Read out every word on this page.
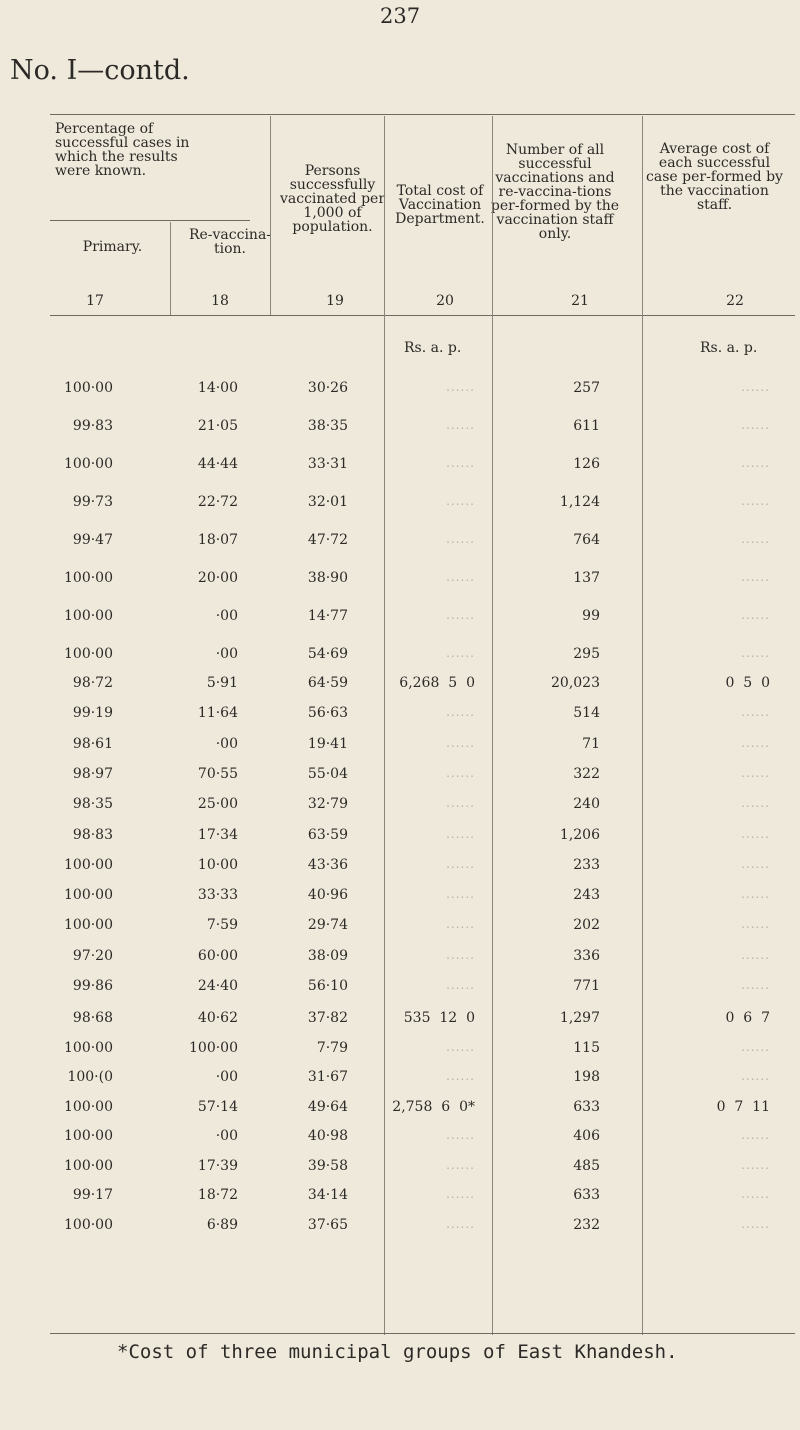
237
No. I—contd.
Percentage of successful cases in which the results were known.
Primary.
Re-vaccina-tion.
Persons successfully vaccinated per 1,000 of population.
Total cost of Vaccination Department.
Number of all successful vaccinations and re-vaccina-tions per-formed by the vaccination staff only.
Average cost of each successful case per-formed by the vaccination staff.
17	18	19	20	21	22
Rs. a. p.	Rs. a. p.
100·00	14·00	30·26	......	257	......
99·83	21·05	38·35	......	611	......
100·00	44·44	33·31	......	126	......
99·73	22·72	32·01	......	1,124	......
99·47	18·07	47·72	......	764	......
100·00	20·00	38·90	......	137	......
100·00	·00	14·77	......	99	......
100·00	·00	54·69	......	295	......
98·72	5·91	64·59	6,268  5  0	20,023	0  5  0
99·19	11·64	56·63	......	514	......
98·61	·00	19·41	......	71	......
98·97	70·55	55·04	......	322	......
98·35	25·00	32·79	......	240	......
98·83	17·34	63·59	......	1,206	......
100·00	10·00	43·36	......	233	......
100·00	33·33	40·96	......	243	......
100·00	7·59	29·74	......	202	......
97·20	60·00	38·09	......	336	......
99·86	24·40	56·10	......	771	......
98·68	40·62	37·82	535  12  0	1,297	0  6  7
100·00	100·00	7·79	......	115	......
100·(0	·00	31·67	......	198	......
100·00	57·14	49·64	2,758  6  0*	633	0  7  11
100·00	·00	40·98	......	406	......
100·00	17·39	39·58	......	485	......
99·17	18·72	34·14	......	633	......
100·00	6·89	37·65	......	232	......
*Cost of three municipal groups of East Khandesh.
